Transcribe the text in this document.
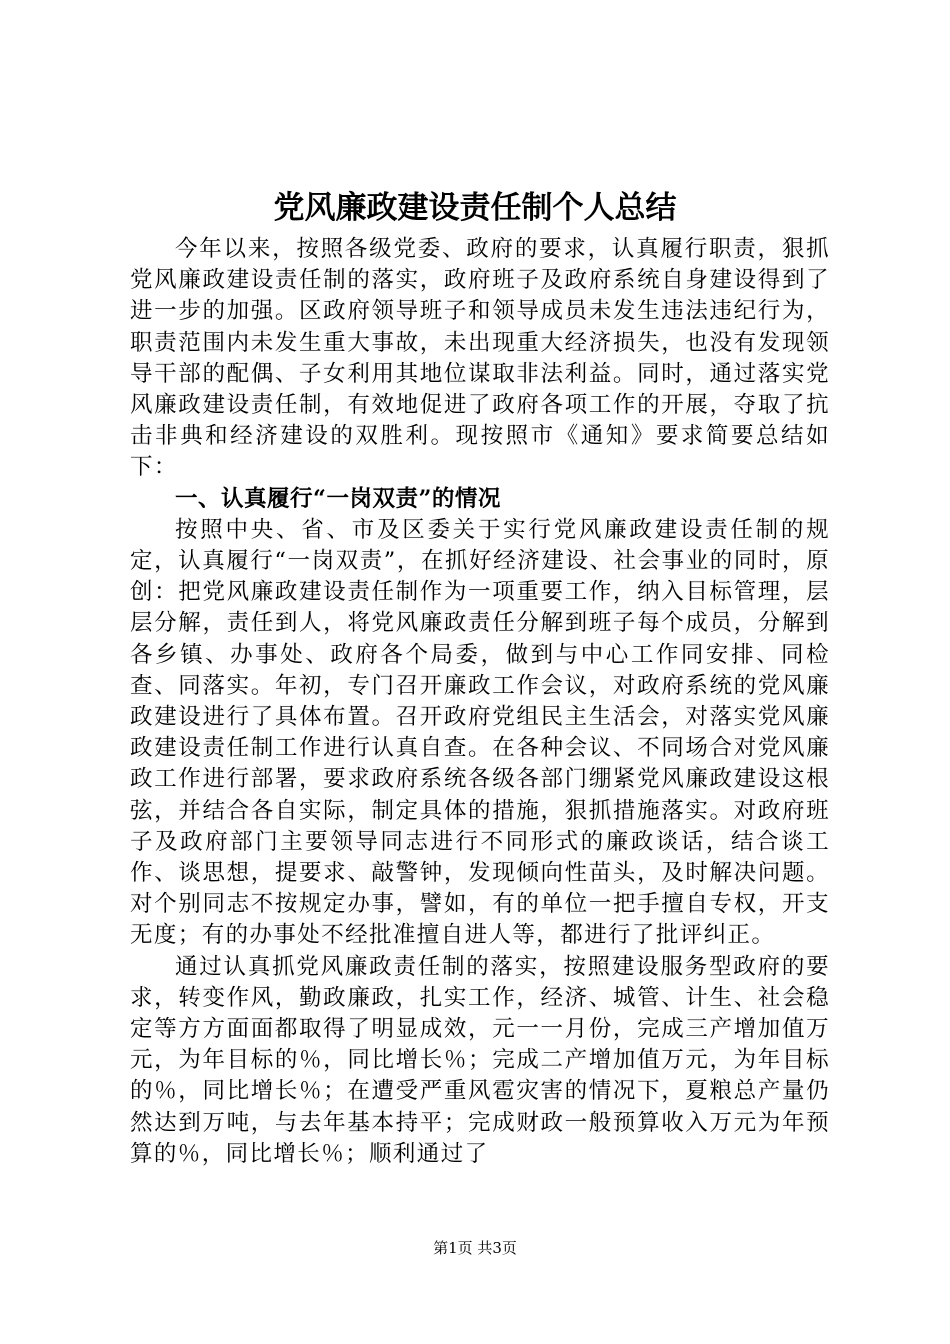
党风廉政建设责任制个人总结

今年以来，按照各级党委、政府的要求，认真履行职责，狠抓党风廉政建设责任制的落实，政府班子及政府系统自身建设得到了进一步的加强。区政府领导班子和领导成员未发生违法违纪行为，职责范围内未发生重大事故，未出现重大经济损失，也没有发现领导干部的配偶、子女利用其地位谋取非法利益。同时，通过落实党风廉政建设责任制，有效地促进了政府各项工作的开展，夺取了抗击非典和经济建设的双胜利。现按照市《通知》要求简要总结如下：

一、认真履行“一岗双责”的情况

按照中央、省、市及区委关于实行党风廉政建设责任制的规定，认真履行“一岗双责”，在抓好经济建设、社会事业的同时，原创：把党风廉政建设责任制作为一项重要工作，纳入目标管理，层层分解，责任到人，将党风廉政责任分解到班子每个成员，分解到各乡镇、办事处、政府各个局委，做到与中心工作同安排、同检查、同落实。年初，专门召开廉政工作会议，对政府系统的党风廉政建设进行了具体布置。召开政府党组民主生活会，对落实党风廉政建设责任制工作进行认真自查。在各种会议、不同场合对党风廉政工作进行部署，要求政府系统各级各部门绷紧党风廉政建设这根弦，并结合各自实际，制定具体的措施，狠抓措施落实。对政府班子及政府部门主要领导同志进行不同形式的廉政谈话，结合谈工作、谈思想，提要求、敲警钟，发现倾向性苗头，及时解决问题。对个别同志不按规定办事，譬如，有的单位一把手擅自专权，开支无度；有的办事处不经批准擅自进人等，都进行了批评纠正。

通过认真抓党风廉政责任制的落实，按照建设服务型政府的要求，转变作风，勤政廉政，扎实工作，经济、城管、计生、社会稳定等方方面面都取得了明显成效，元一一月份，完成三产增加值万元，为年目标的％，同比增长％；完成二产增加值万元，为年目标的％，同比增长％；在遭受严重风雹灾害的情况下，夏粮总产量仍然达到万吨，与去年基本持平；完成财政一般预算收入万元为年预算的％，同比增长％；顺利通过了

第1页 共3页
